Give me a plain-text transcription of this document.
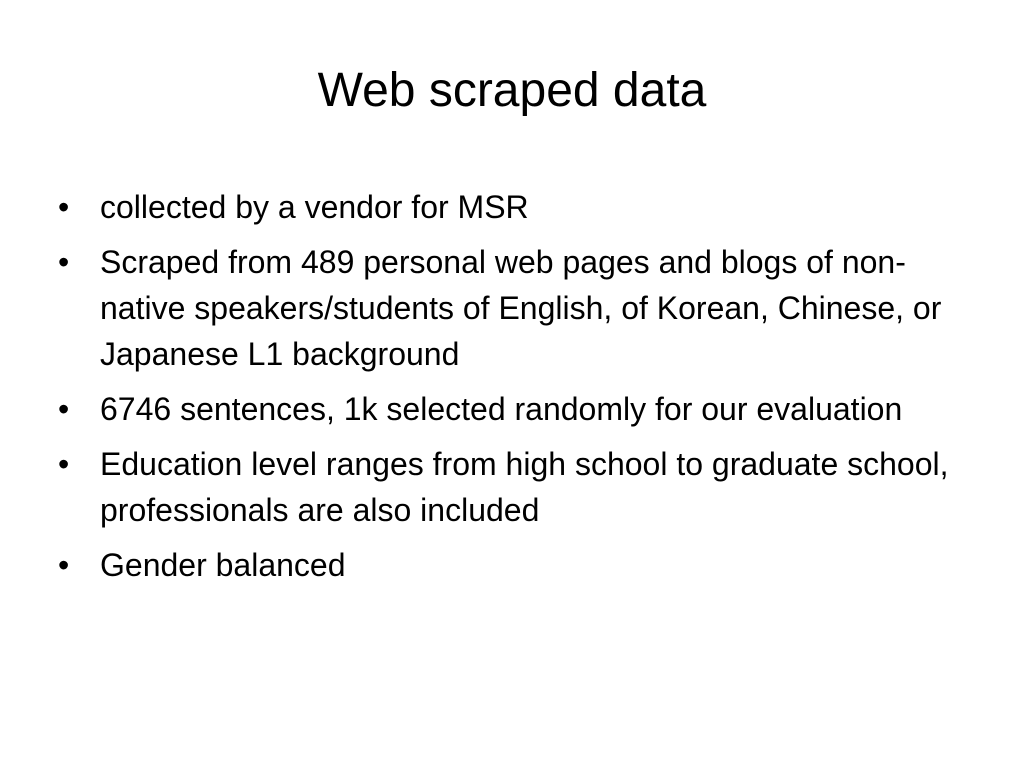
Web scraped data
• collected by a vendor for MSR
• Scraped from 489 personal web pages and blogs of non-native speakers/students of English, of Korean, Chinese, or Japanese L1 background
• 6746 sentences, 1k selected randomly for our evaluation
• Education level ranges from high school to graduate school, professionals are also included
• Gender balanced
